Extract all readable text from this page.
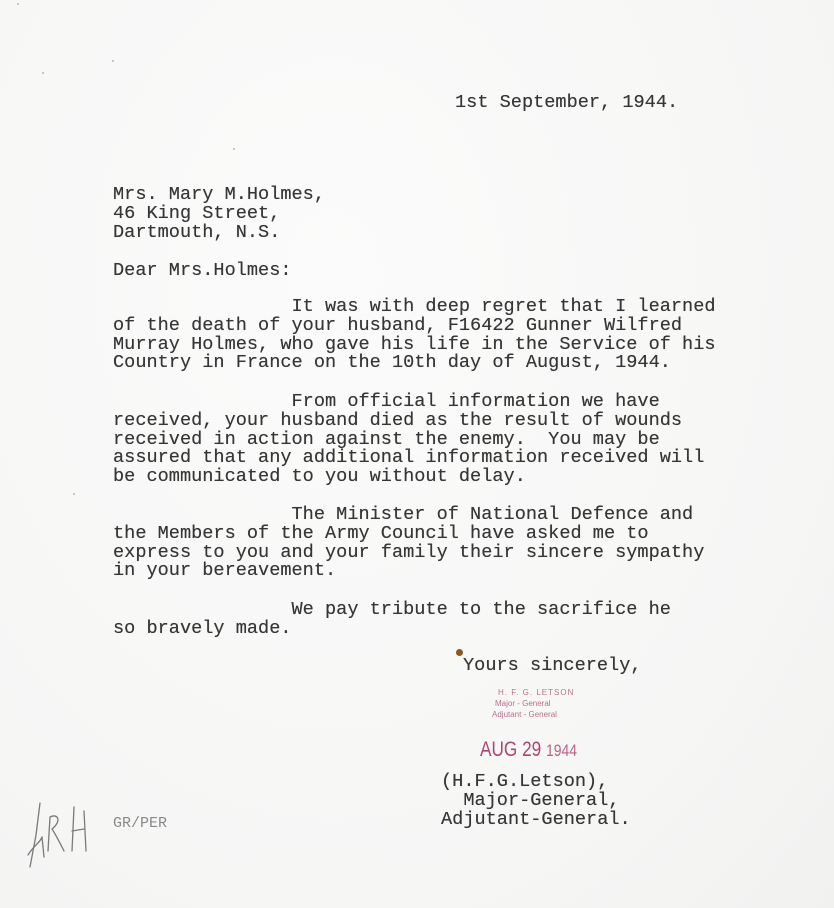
1st September, 1944.
Mrs. Mary M.Holmes,
46 King Street,
Dartmouth, N.S.
Dear Mrs.Holmes:
It was with deep regret that I learned
of the death of your husband, F16422 Gunner Wilfred
Murray Holmes, who gave his life in the Service of his
Country in France on the 10th day of August, 1944.
From official information we have
received, your husband died as the result of wounds
received in action against the enemy.  You may be
assured that any additional information received will
be communicated to you without delay.
The Minister of National Defence and
the Members of the Army Council have asked me to
express to you and your family their sincere sympathy
in your bereavement.
We pay tribute to the sacrifice he
so bravely made.
Yours sincerely,
H. F. G. LETSON
Major - General
Adjutant - General
AUG 29 1944
(H.F.G.Letson),
Major-General,
Adjutant-General.
GR/PER
